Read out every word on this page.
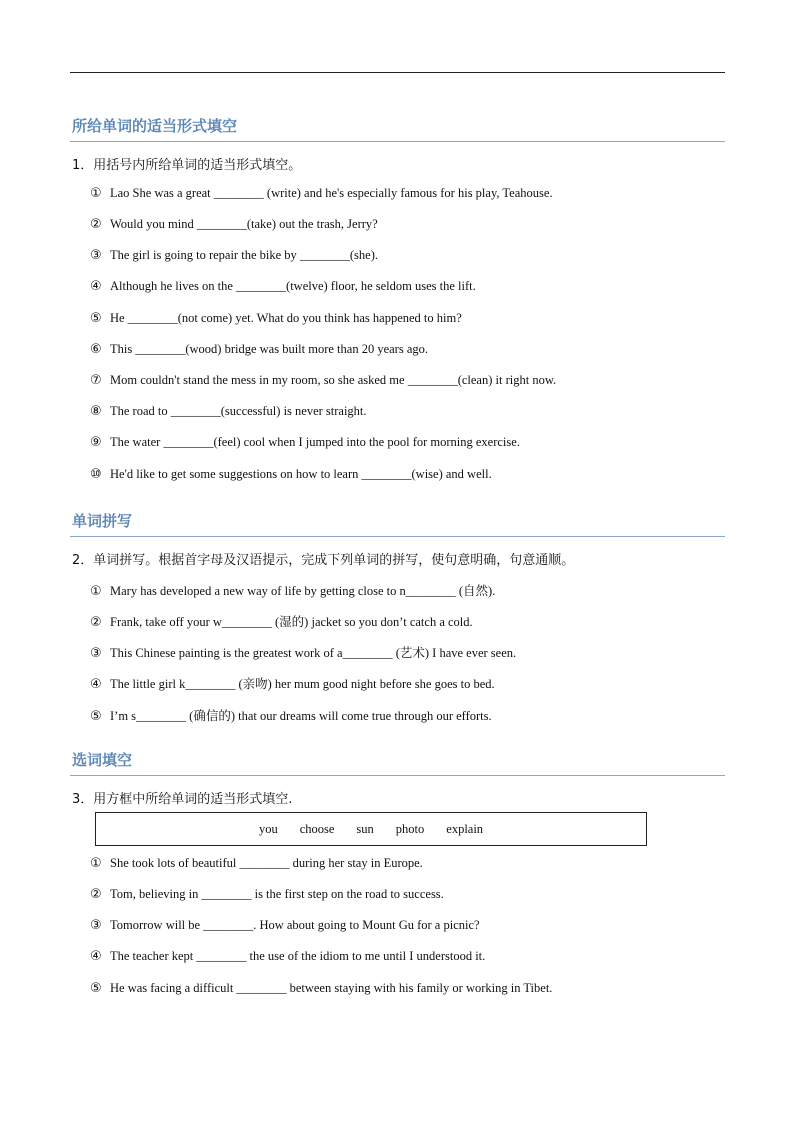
所给单词的适当形式填空
1．用括号内所给单词的适当形式填空。
① Lao She was a great ________ (write) and he's especially famous for his play, Teahouse.
② Would you mind ________(take) out the trash, Jerry?
③ The girl is going to repair the bike by ________(she).
④ Although he lives on the ________(twelve) floor, he seldom uses the lift.
⑤ He ________(not come) yet. What do you think has happened to him?
⑥ This ________(wood) bridge was built more than 20 years ago.
⑦ Mom couldn't stand the mess in my room, so she asked me ________(clean) it right now.
⑧ The road to ________(successful) is never straight.
⑨ The water ________(feel) cool when I jumped into the pool for morning exercise.
⑩ He'd like to get some suggestions on how to learn ________(wise) and well.
单词拼写
2．单词拼写。根据首字母及汉语提示，完成下列单词的拼写，使句意明确，句意通顺。
① Mary has developed a new way of life by getting close to n________ (自然).
② Frank, take off your w________ (湿的) jacket so you don’t catch a cold.
③ This Chinese painting is the greatest work of a________ (艺术) I have ever seen.
④ The little girl k________ (亲吻) her mum good night before she goes to bed.
⑤ I’m s________ (确信的) that our dreams will come true through our efforts.
选词填空
3．用方框中所给单词的适当形式填空.
you choose sun photo explain
① She took lots of beautiful ________ during her stay in Europe.
② Tom, believing in ________ is the first step on the road to success.
③ Tomorrow will be ________. How about going to Mount Gu for a picnic?
④ The teacher kept ________ the use of the idiom to me until I understood it.
⑤ He was facing a difficult ________ between staying with his family or working in Tibet.
